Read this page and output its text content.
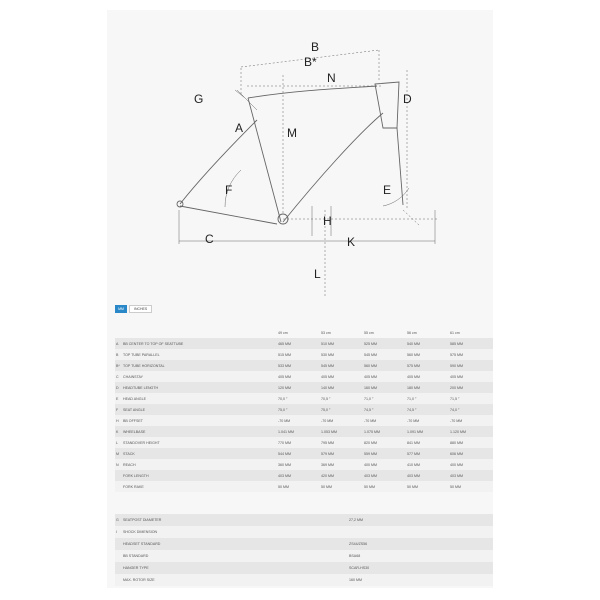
B
B*
N
G
A	M
D
F	E
H
C	K
L
MM	INCHES
		49 cm	53 cm	55 cm	56 cm	61 cm
A	BB CENTER TO TOP OF SEATTUBE	465 MM	510 MM	525 MM	540 MM	585 MM
B	TOP TUBE PARALLEL	515 MM	530 MM	545 MM	560 MM	575 MM
B*	TOP TUBE HORIZONTAL	533 MM	545 MM	560 MM	575 MM	590 MM
C	CHAINSTAY	405 MM	405 MM	405 MM	405 MM	405 MM
D	HEADTUBE LENGTH	120 MM	140 MM	160 MM	180 MM	200 MM
E	HEAD ANGLE	70,0 °	70,5 °	71,0 °	71,0 °	71,5 °
F	SEAT ANGLE	75,0 °	75,0 °	74,5 °	74,5 °	74,0 °
H	BB OFFSET	-70 MM	-70 MM	-70 MM	-70 MM	-70 MM
K	WHEELBASE	1.041 MM	1.053 MM	1.075 MM	1.091 MM	1.120 MM
L	STANDOVER HEIGHT	770 MM	795 MM	820 MM	841 MM	880 MM
M	STACK	544 MM	579 MM	559 MM	577 MM	606 MM
N	REACH	360 MM	369 MM	400 MM	410 MM	400 MM
	FORK LENGTH	403 MM	420 MM	403 MM	403 MM	403 MM
	FORK RAKE	50 MM	50 MM	50 MM	50 MM	50 MM
G	SEATPOST DIAMETER	27,2 MM
I	SHOCK DIMENSION	
	HEADSET STANDARD	ZS44/ZS56
	BB STANDARD	BSA68
	HANGER TYPE	SCAR-HS30
	MAX. ROTOR SIZE	160 MM
